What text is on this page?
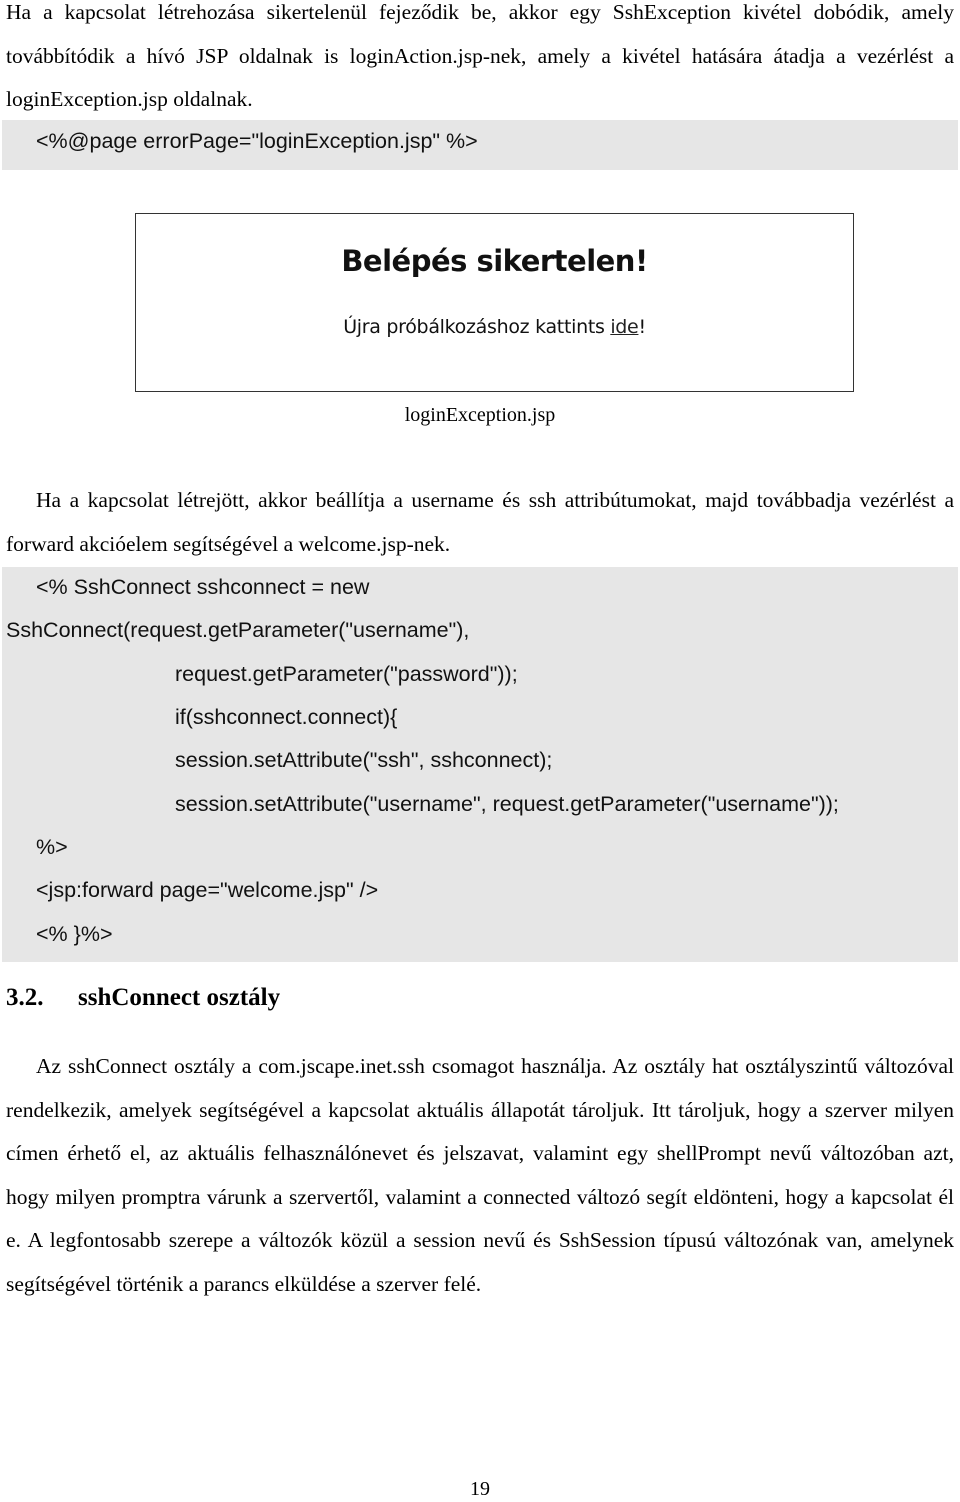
Ha a kapcsolat létrehozása sikertelenül fejeződik be, akkor egy SshException kivétel dobódik, amely továbbítódik a hívó JSP oldalnak is loginAction.jsp-nek, amely a kivétel hatására átadja a vezérlést a loginException.jsp oldalnak.

<%@page errorPage="loginException.jsp" %>
Belépés sikertelen!
Újra próbálkozáshoz kattints ide!
loginException.jsp

Ha a kapcsolat létrejött, akkor beállítja a username és ssh attribútumokat, majd továbbadja vezérlést a forward akcióelem segítségével a welcome.jsp-nek.

<% SshConnect sshconnect = new
SshConnect(request.getParameter("username"),
request.getParameter("password"));
if(sshconnect.connect){
session.setAttribute("ssh", sshconnect);
session.setAttribute("username", request.getParameter("username"));
%>
<jsp:forward page="welcome.jsp" />
<% }%>
3.2. sshConnect osztály

Az sshConnect osztály a com.jscape.inet.ssh csomagot használja. Az osztály hat osztályszintű változóval rendelkezik, amelyek segítségével a kapcsolat aktuális állapotát tároljuk. Itt tároljuk, hogy a szerver milyen címen érhető el, az aktuális felhasználónevet és jelszavat, valamint egy shellPrompt nevű változóban azt, hogy milyen promptra várunk a szervertől, valamint a connected változó segít eldönteni, hogy a kapcsolat él e. A legfontosabb szerepe a változók közül a session nevű és SshSession típusú változónak van, amelynek segítségével történik a parancs elküldése a szerver felé.

19
